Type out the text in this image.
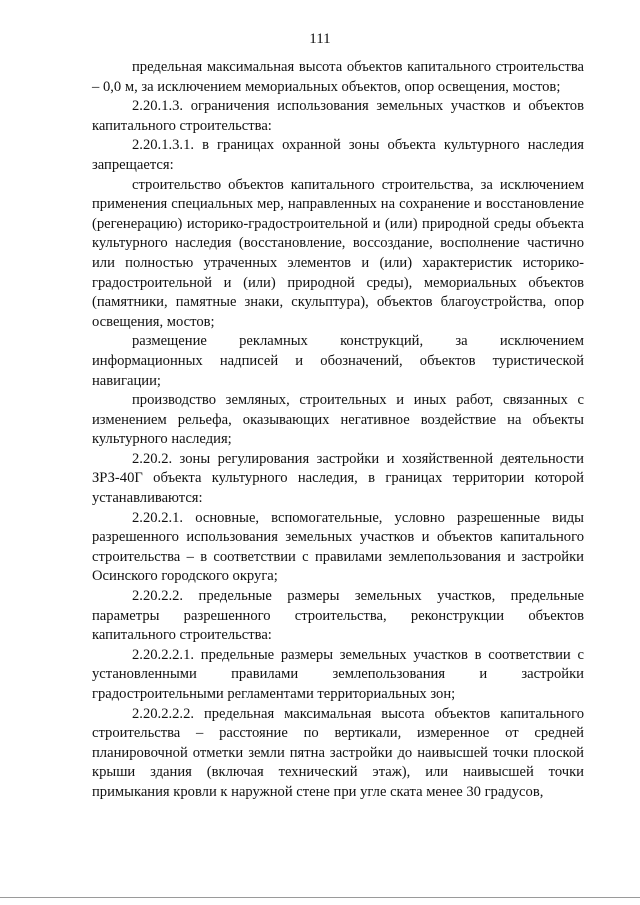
111

предельная максимальная высота объектов капитального строительства – 0,0 м, за исключением мемориальных объектов, опор освещения, мостов;

2.20.1.3. ограничения использования земельных участков и объектов капитального строительства:

2.20.1.3.1. в границах охранной зоны объекта культурного наследия запрещается:

строительство объектов капитального строительства, за исключением применения специальных мер, направленных на сохранение и восстановление (регенерацию) историко-градостроительной и (или) природной среды объекта культурного наследия (восстановление, воссоздание, восполнение частично или полностью утраченных элементов и (или) характеристик историко-градостроительной и (или) природной среды), мемориальных объектов (памятники, памятные знаки, скульптура), объектов благоустройства, опор освещения, мостов;

размещение рекламных конструкций, за исключением информационных надписей и обозначений, объектов туристической навигации;

производство земляных, строительных и иных работ, связанных с изменением рельефа, оказывающих негативное воздействие на объекты культурного наследия;

2.20.2. зоны регулирования застройки и хозяйственной деятельности ЗРЗ-40Г объекта культурного наследия, в границах территории которой устанавливаются:

2.20.2.1. основные, вспомогательные, условно разрешенные виды разрешенного использования земельных участков и объектов капитального строительства – в соответствии с правилами землепользования и застройки Осинского городского округа;

2.20.2.2. предельные размеры земельных участков, предельные параметры разрешенного строительства, реконструкции объектов капитального строительства:

2.20.2.2.1. предельные размеры земельных участков в соответствии с установленными правилами землепользования и застройки градостроительными регламентами территориальных зон;

2.20.2.2.2. предельная максимальная высота объектов капитального строительства – расстояние по вертикали, измеренное от средней планировочной отметки земли пятна застройки до наивысшей точки плоской крыши здания (включая технический этаж), или наивысшей точки примыкания кровли к наружной стене при угле ската менее 30 градусов,
